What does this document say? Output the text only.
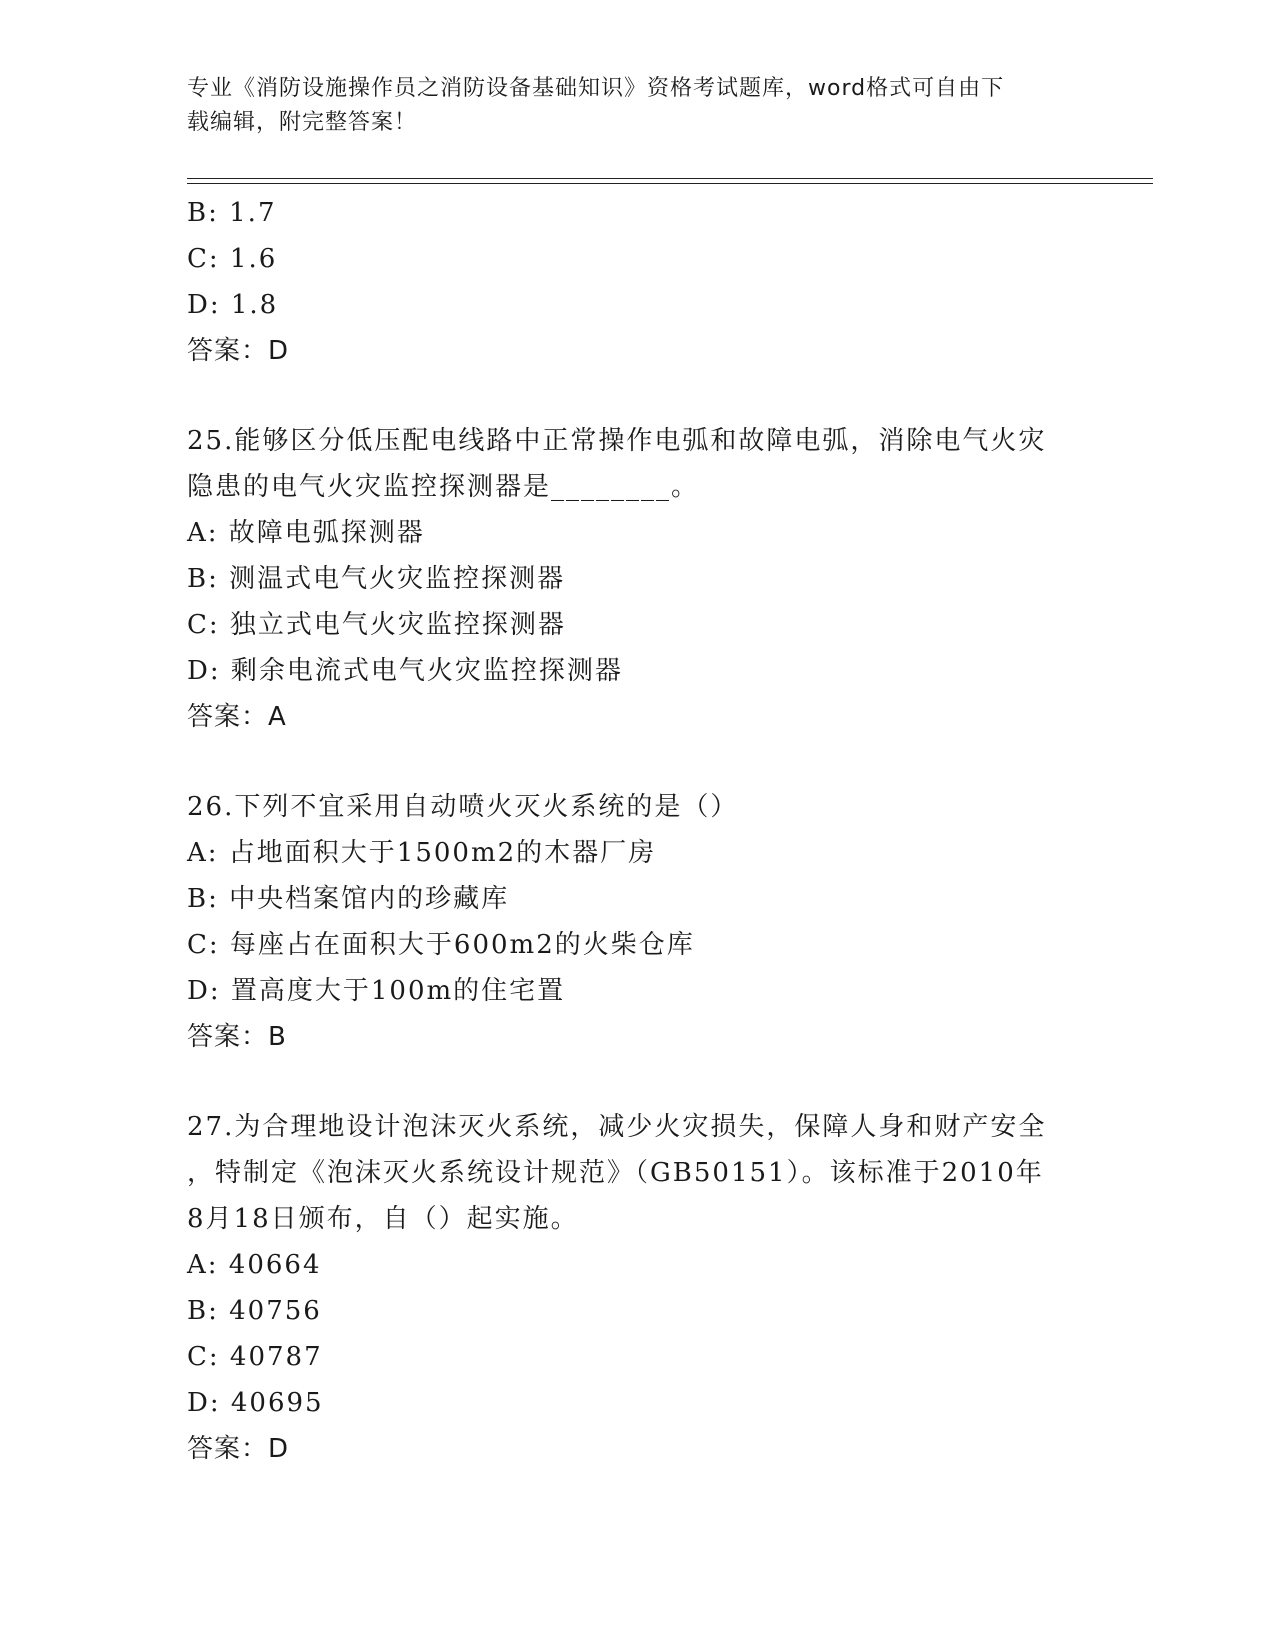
专业《消防设施操作员之消防设备基础知识》资格考试题库，word格式可自由下
载编辑，附完整答案！
B: 1.7
C: 1.6
D: 1.8
答案：D
25.能够区分低压配电线路中正常操作电弧和故障电弧，消除电气火灾
隐患的电气火灾监控探测器是________。
A: 故障电弧探测器
B: 测温式电气火灾监控探测器
C: 独立式电气火灾监控探测器
D: 剩余电流式电气火灾监控探测器
答案：A
26.下列不宜采用自动喷火灭火系统的是（）
A: 占地面积大于1500m2的木器厂房
B: 中央档案馆内的珍藏库
C: 每座占在面积大于600m2的火柴仓库
D: 置高度大于100m的住宅置
答案：B
27.为合理地设计泡沫灭火系统，减少火灾损失，保障人身和财产安全
，特制定《泡沫灭火系统设计规范》（GB50151）。该标准于2010年
8月18日颁布，自（）起实施。
A: 40664
B: 40756
C: 40787
D: 40695
答案：D
